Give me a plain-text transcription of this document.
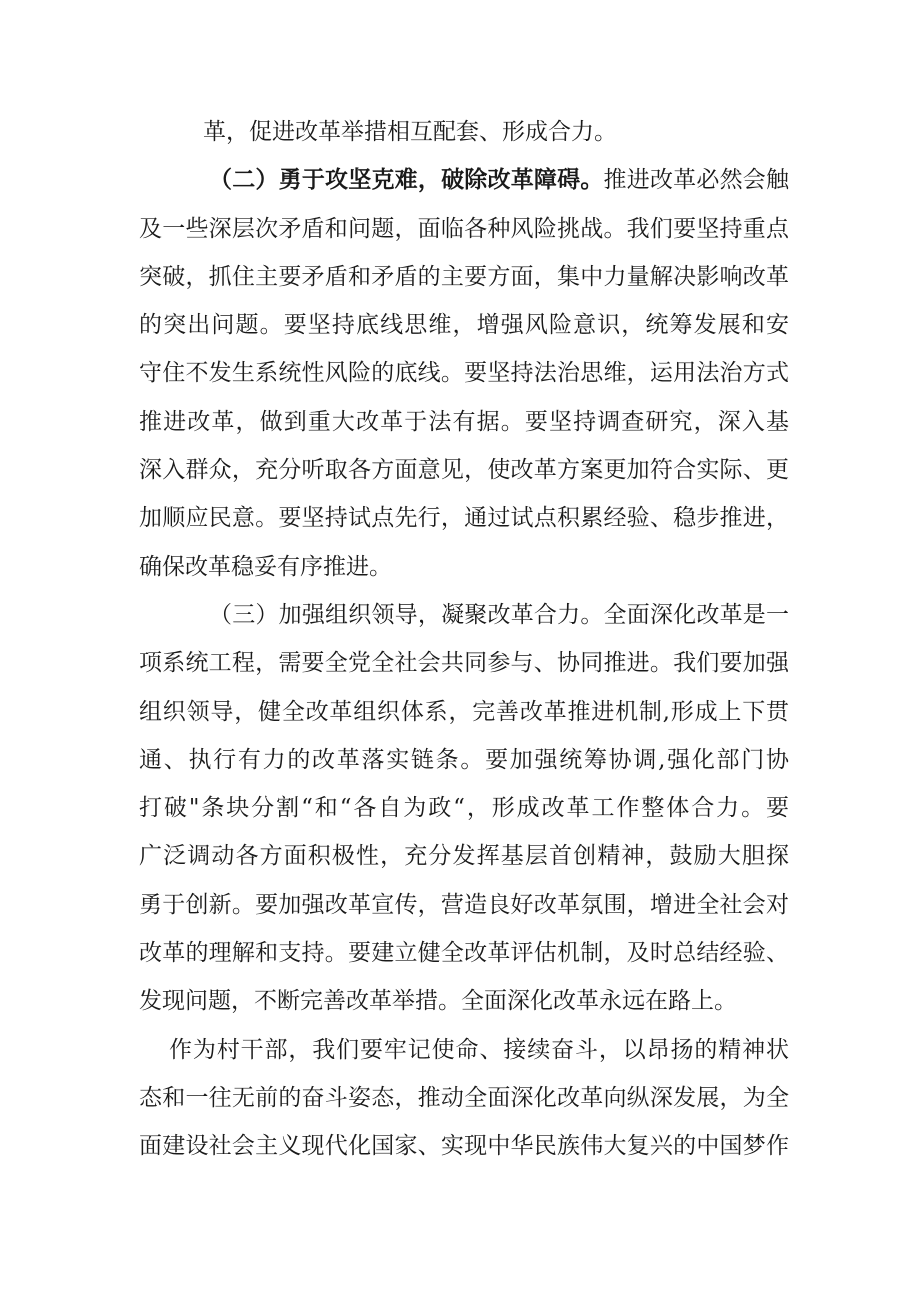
革，促进改革举措相互配套、形成合力。
（二）勇于攻坚克难，破除改革障碍。推进改革必然会触
及一些深层次矛盾和问题，面临各种风险挑战。我们要坚持重点
突破，抓住主要矛盾和矛盾的主要方面，集中力量解决影响改革
的突出问题。要坚持底线思维，增强风险意识，统筹发展和安
守住不发生系统性风险的底线。要坚持法治思维，运用法治方式
推进改革，做到重大改革于法有据。要坚持调查研究，深入基
深入群众，充分听取各方面意见，使改革方案更加符合实际、更
加顺应民意。要坚持试点先行，通过试点积累经验、稳步推进，
确保改革稳妥有序推进。
（三）加强组织领导，凝聚改革合力。全面深化改革是一
项系统工程，需要全党全社会共同参与、协同推进。我们要加强
组织领导，健全改革组织体系，完善改革推进机制,形成上下贯
通、执行有力的改革落实链条。要加强统筹协调,强化部门协
打破"条块分割“和“各自为政“，形成改革工作整体合力。要
广泛调动各方面积极性，充分发挥基层首创精神，鼓励大胆探
勇于创新。要加强改革宣传，营造良好改革氛围，增进全社会对
改革的理解和支持。要建立健全改革评估机制，及时总结经验、
发现问题，不断完善改革举措。全面深化改革永远在路上。
作为村干部，我们要牢记使命、接续奋斗，以昂扬的精神状
态和一往无前的奋斗姿态，推动全面深化改革向纵深发展，为全
面建设社会主义现代化国家、实现中华民族伟大复兴的中国梦作
